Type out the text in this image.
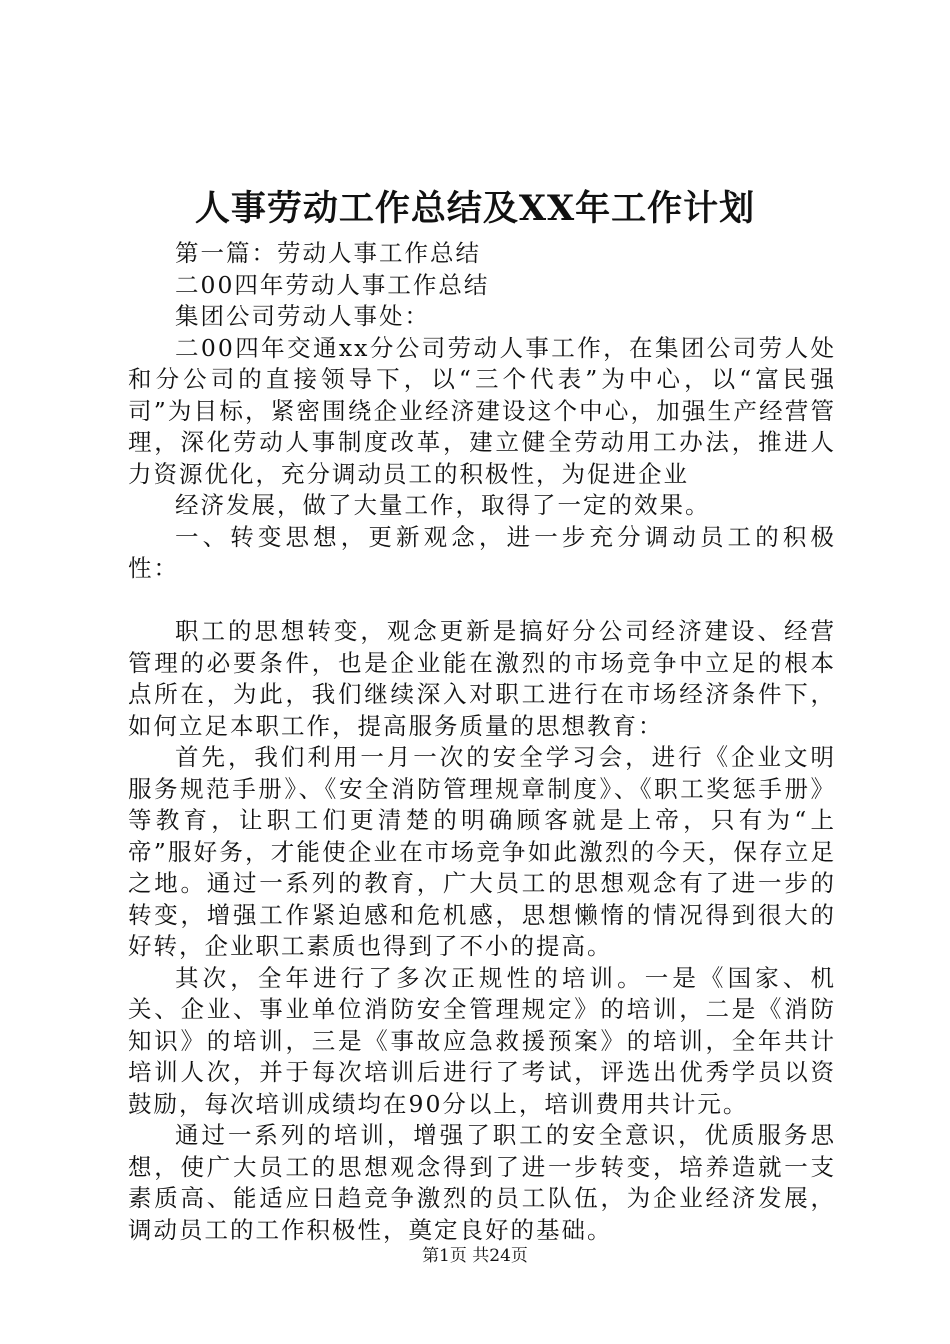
人事劳动工作总结及XX年工作计划

第一篇：劳动人事工作总结

二00四年劳动人事工作总结

集团公司劳动人事处：

二00四年交通xx分公司劳动人事工作，在集团公司劳人处和分公司的直接领导下，以“三个代表”为中心，以“富民强司”为目标，紧密围绕企业经济建设这个中心，加强生产经营管理，深化劳动人事制度改革，建立健全劳动用工办法，推进人力资源优化，充分调动员工的积极性，为促进企业

经济发展，做了大量工作，取得了一定的效果。

一、转变思想，更新观念，进一步充分调动员工的积极性：

职工的思想转变，观念更新是搞好分公司经济建设、经营管理的必要条件，也是企业能在激烈的市场竞争中立足的根本点所在，为此，我们继续深入对职工进行在市场经济条件下，如何立足本职工作，提高服务质量的思想教育：

首先，我们利用一月一次的安全学习会，进行《企业文明服务规范手册》、《安全消防管理规章制度》、《职工奖惩手册》等教育，让职工们更清楚的明确顾客就是上帝，只有为“上帝”服好务，才能使企业在市场竞争如此激烈的今天，保存立足之地。通过一系列的教育，广大员工的思想观念有了进一步的转变，增强工作紧迫感和危机感，思想懒惰的情况得到很大的好转，企业职工素质也得到了不小的提高。

其次，全年进行了多次正规性的培训。一是《国家、机关、企业、事业单位消防安全管理规定》的培训，二是《消防知识》的培训，三是《事故应急救援预案》的培训，全年共计培训人次，并于每次培训后进行了考试，评选出优秀学员以资鼓励，每次培训成绩均在90分以上，培训费用共计元。

通过一系列的培训，增强了职工的安全意识，优质服务思想，使广大员工的思想观念得到了进一步转变，培养造就一支素质高、能适应日趋竞争激烈的员工队伍，为企业经济发展，调动员工的工作积极性，奠定良好的基础。

第1页 共24页
